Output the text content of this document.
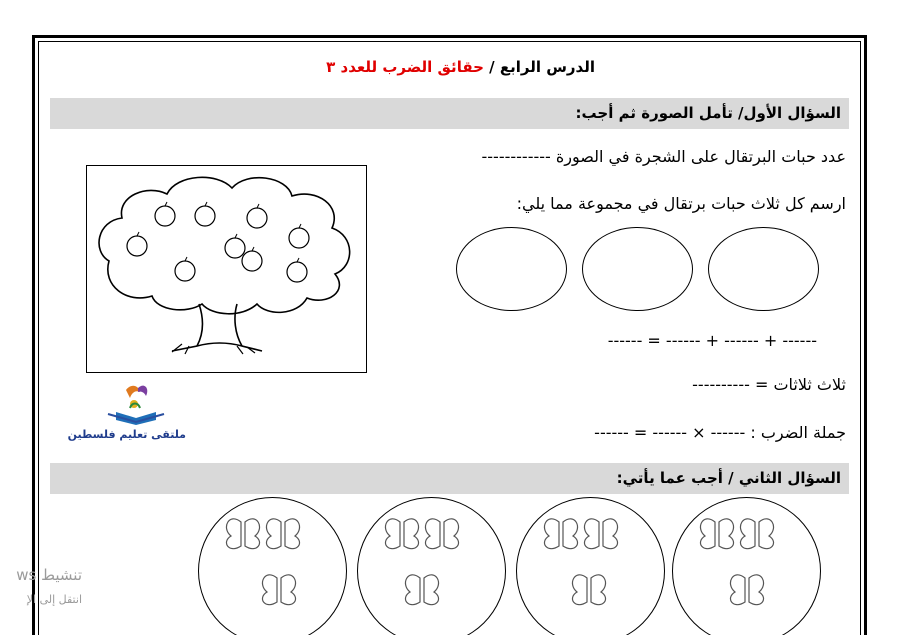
الدرس الرابع / حقائق الضرب للعدد ٣
السؤال الأول/ تأمل الصورة ثم أجب:
عدد حبات البرتقال على الشجرة في الصورة ------------
ارسم كل ثلاث حبات برتقال في مجموعة مما يلي:
------ + ------ + ------ = ------
ثلاث ثلاثات = ----------
جملة الضرب : ------ × ------ = ------
ملتقى تعليم فلسطين
السؤال الثاني / أجب عما يأتي:
تنشيط ws
انتقل إلى الإ
